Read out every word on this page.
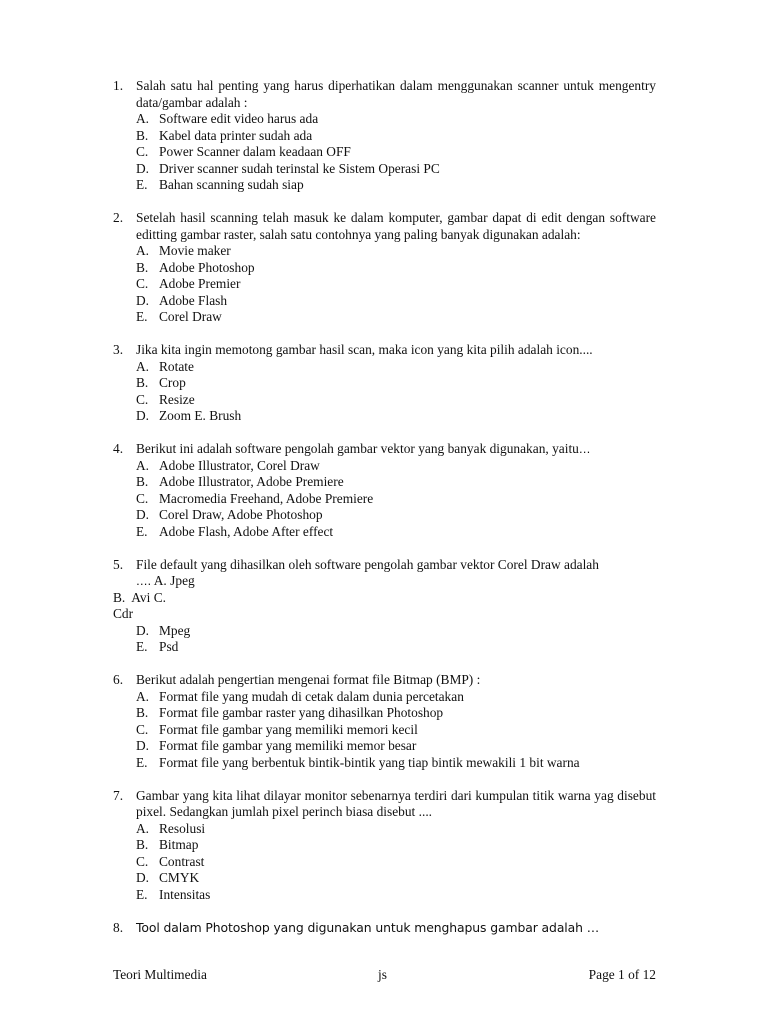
1. Salah satu hal penting yang harus diperhatikan dalam menggunakan scanner untuk mengentry data/gambar adalah :
A. Software edit video harus ada
B. Kabel data printer sudah ada
C. Power Scanner dalam keadaan OFF
D. Driver scanner sudah terinstal ke Sistem Operasi PC
E. Bahan scanning sudah siap
2. Setelah hasil scanning telah masuk ke dalam komputer, gambar dapat di edit dengan software editting gambar raster, salah satu contohnya yang paling banyak digunakan adalah:
A. Movie maker
B. Adobe Photoshop
C. Adobe Premier
D. Adobe Flash
E. Corel Draw
3. Jika kita ingin memotong gambar hasil scan, maka icon yang kita pilih adalah icon....
A. Rotate
B. Crop
C. Resize
D. Zoom E. Brush
4. Berikut ini adalah software pengolah gambar vektor yang banyak digunakan, yaitu…
A. Adobe Illustrator, Corel Draw
B. Adobe Illustrator, Adobe Premiere
C. Macromedia Freehand, Adobe Premiere
D. Corel Draw, Adobe Photoshop
E. Adobe Flash, Adobe After effect
5. File default yang dihasilkan oleh software pengolah gambar vektor Corel Draw adalah
…. A. Jpeg
B. Avi C.
Cdr
D. Mpeg
E. Psd
6. Berikut adalah pengertian mengenai format file Bitmap (BMP) :
A. Format file yang mudah di cetak dalam dunia percetakan
B. Format file gambar raster yang dihasilkan Photoshop
C. Format file gambar yang memiliki memori kecil
D. Format file gambar yang memiliki memor besar
E. Format file yang berbentuk bintik-bintik yang tiap bintik mewakili 1 bit warna
7. Gambar yang kita lihat dilayar monitor sebenarnya terdiri dari kumpulan titik warna yag disebut pixel. Sedangkan jumlah pixel perinch biasa disebut ....
A. Resolusi
B. Bitmap
C. Contrast
D. CMYK
E. Intensitas
8. Tool dalam Photoshop yang digunakan untuk menghapus gambar adalah …
Teori Multimedia	js	Page 1 of 12
